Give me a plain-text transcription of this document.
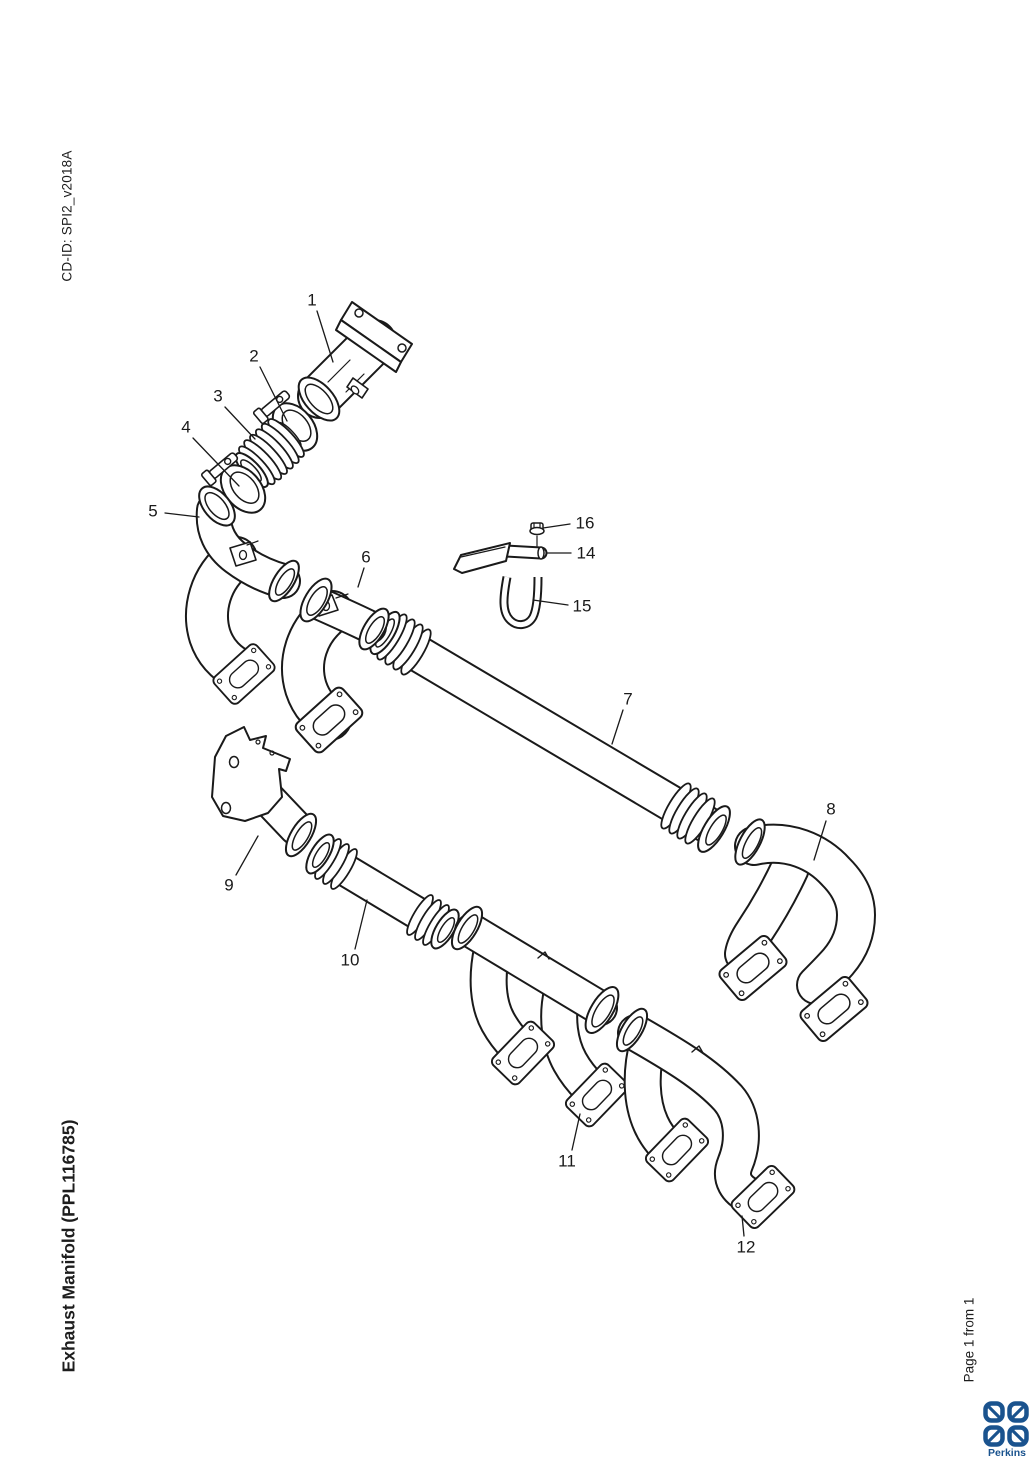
CD-ID: SPI2_v2018A
Exhaust Manifold (PPL116785)	Page 1 from 1
1
2
3
4
5
6
7
8
9
10
11
12
14
15
16
Perkins
